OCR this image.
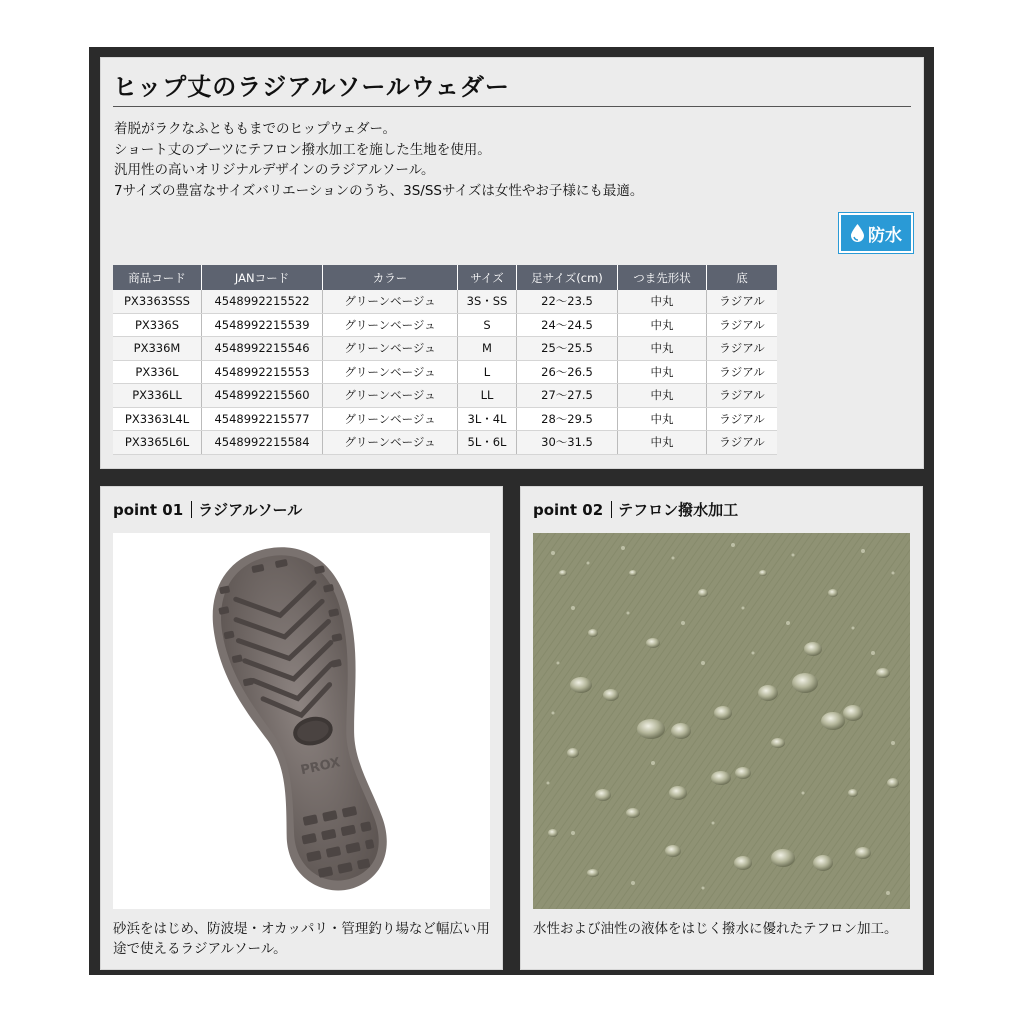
ヒップ丈のラジアルソールウェダー
着脱がラクなふとももまでのヒップウェダー。
ショート丈のブーツにテフロン撥水加工を施した生地を使用。
汎用性の高いオリジナルデザインのラジアルソール。
7サイズの豊富なサイズバリエーションのうち、3S/SSサイズは女性やお子様にも最適。
防水
商品コード	JANコード	カラー	サイズ	足サイズ(cm)	つま先形状	底
PX3363SSS	4548992215522	グリーンベージュ	3S・SS	22～23.5	中丸	ラジアル
PX336S	4548992215539	グリーンベージュ	S	24～24.5	中丸	ラジアル
PX336M	4548992215546	グリーンベージュ	M	25～25.5	中丸	ラジアル
PX336L	4548992215553	グリーンベージュ	L	26～26.5	中丸	ラジアル
PX336LL	4548992215560	グリーンベージュ	LL	27～27.5	中丸	ラジアル
PX3363L4L	4548992215577	グリーンベージュ	3L・4L	28～29.5	中丸	ラジアル
PX3365L6L	4548992215584	グリーンベージュ	5L・6L	30～31.5	中丸	ラジアル
point 01 ラジアルソール
PROX
砂浜をはじめ、防波堤・オカッパリ・管理釣り場など幅広い用途で使えるラジアルソール。
point 02 テフロン撥水加工
水性および油性の液体をはじく撥水に優れたテフロン加工。
